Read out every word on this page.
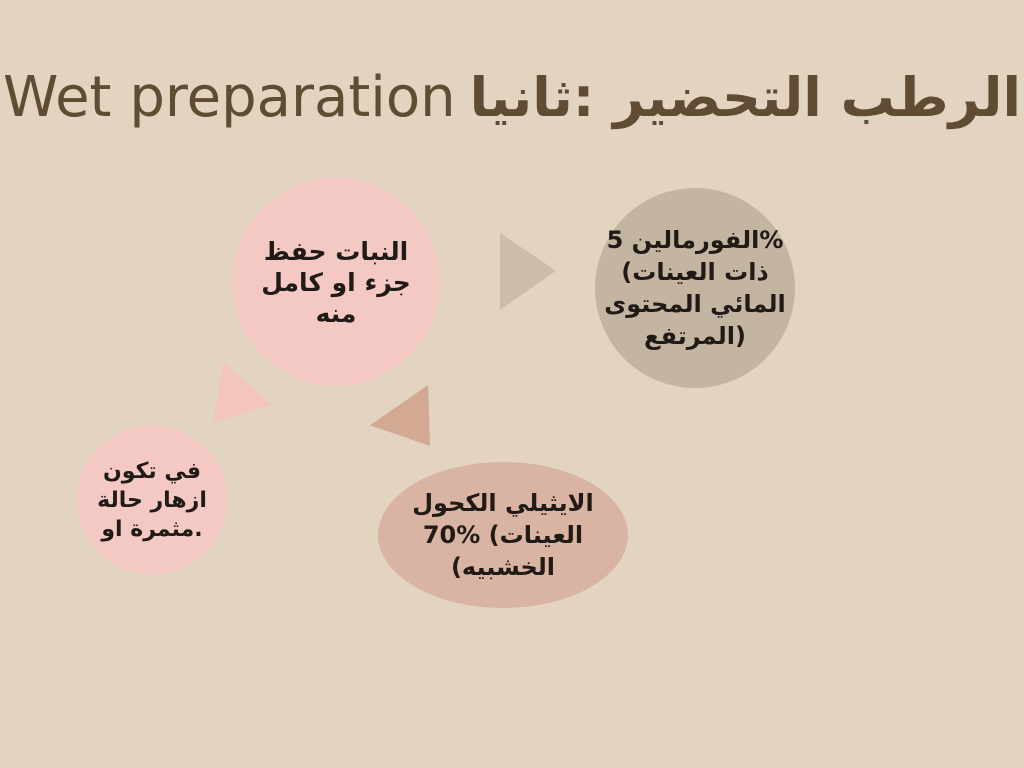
Wet preparation ثانيا: ‎التحضير ‎الرطب
حفظ ‎النبات
كامل ‎او ‎جزء
منه
الفورمالين 5%
(العينات ‎ذات
المحتوى ‎المائي
المرتفع)
تكون ‎في
حالة ‎ازهار
او ‎مثمرة.
الكحول ‎الايثيلي
70% (العينات
(الخشبيه
